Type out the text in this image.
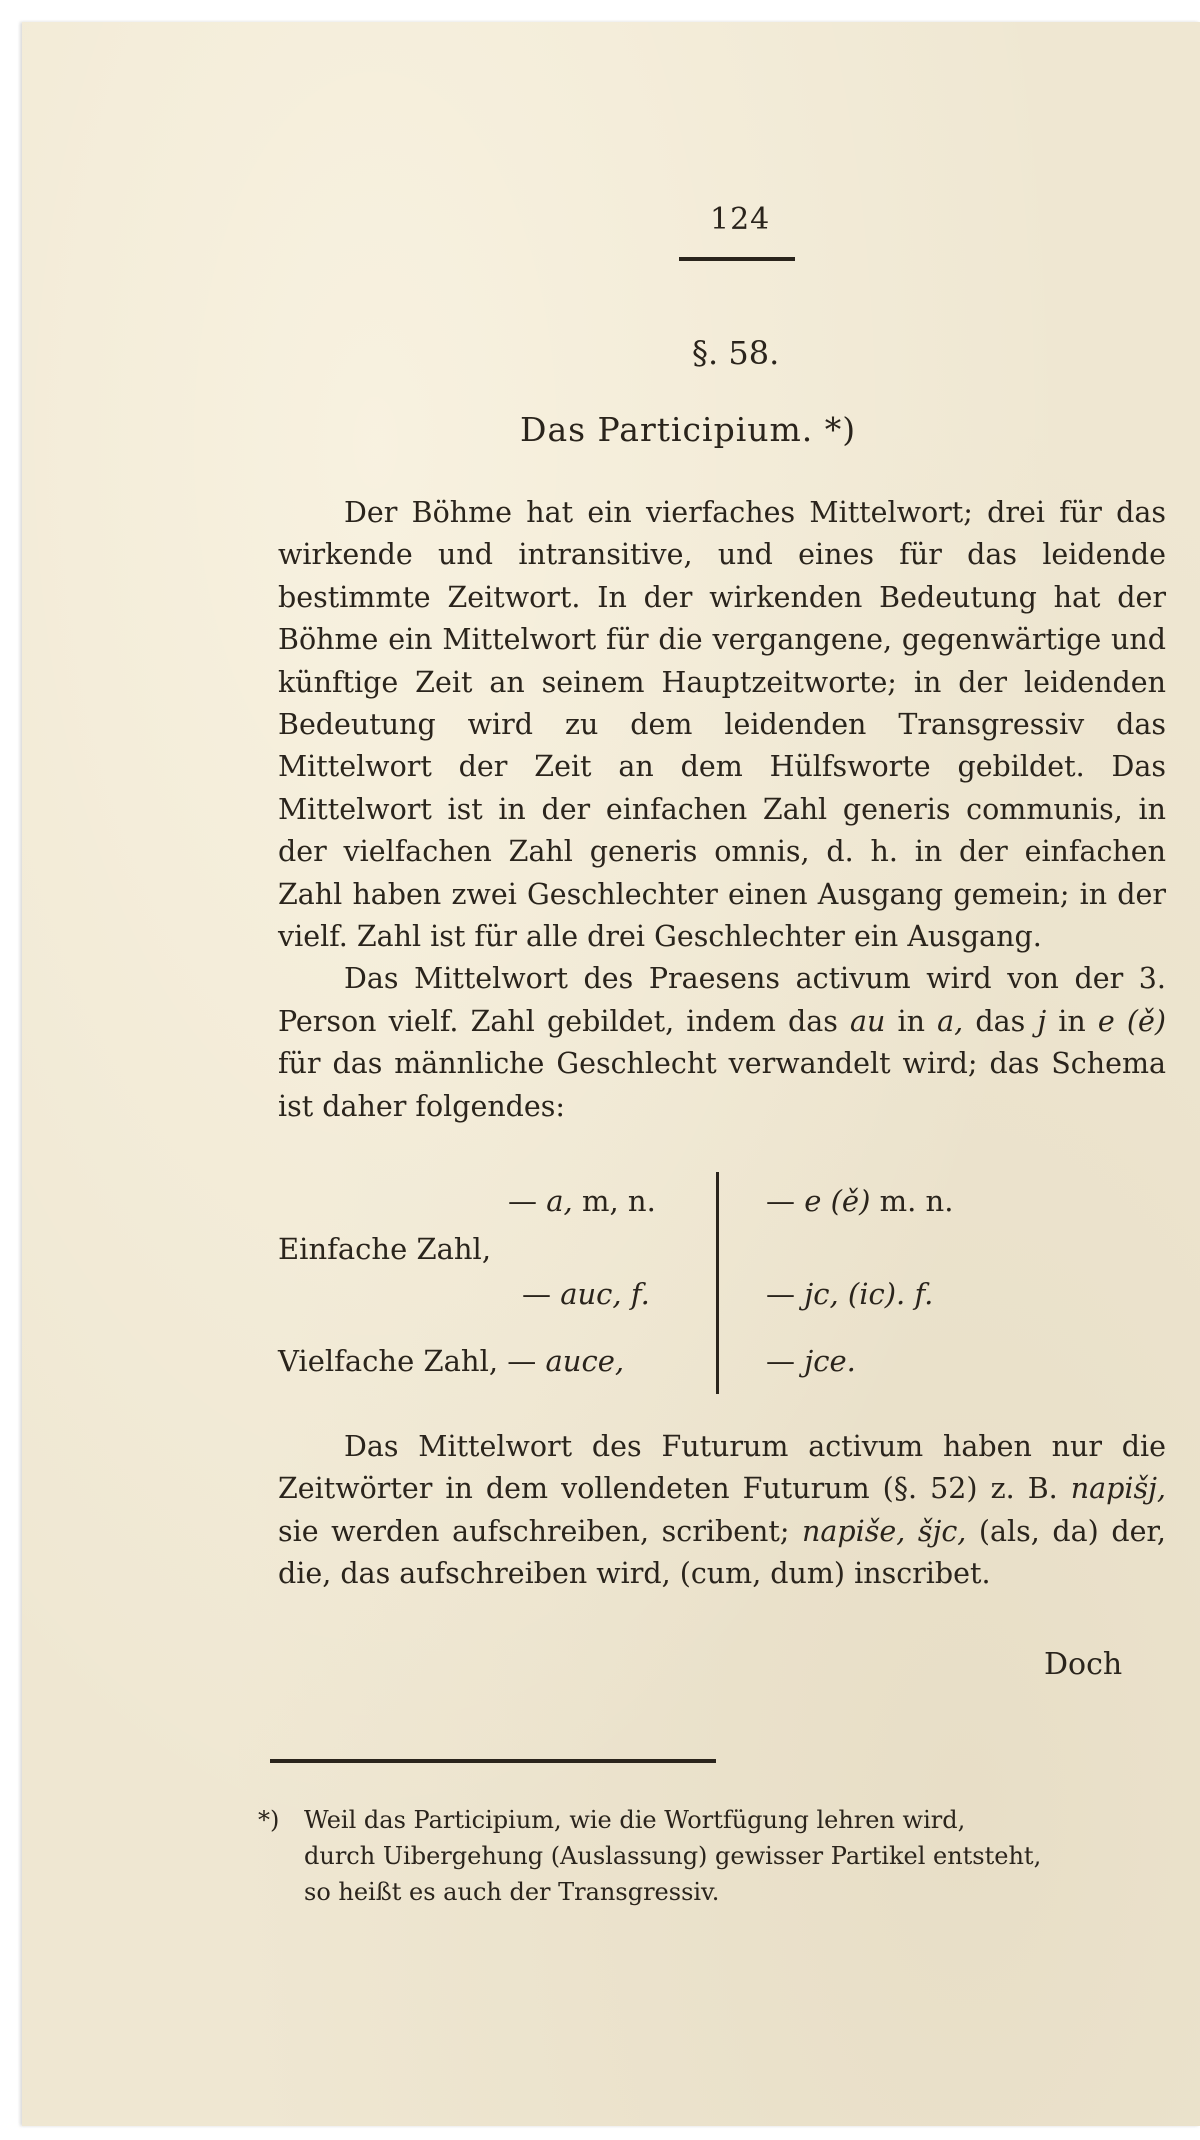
124
§. 58.
Das Participium. *)

Der Böhme hat ein vierfaches Mittelwort; drei für das wirkende und intransitive, und eines für das leidende bestimmte Zeitwort. In der wirkenden Bedeutung hat der Böhme ein Mittelwort für die vergangene, gegenwärtige und künftige Zeit an seinem Hauptzeitworte; in der leidenden Bedeutung wird zu dem leidenden Transgressiv das Mittelwort der Zeit an dem Hülfsworte gebildet. Das Mittelwort ist in der einfachen Zahl generis communis, in der vielfachen Zahl generis omnis, d. h. in der einfachen Zahl haben zwei Geschlechter einen Ausgang gemein; in der vielf. Zahl ist für alle drei Geschlechter ein Ausgang.

Das Mittelwort des Praesens activum wird von der 3. Person vielf. Zahl gebildet, indem das au in a, das j in e (ě) für das männliche Geschlecht verwandelt wird; das Schema ist daher folgendes:

— a, m, n.
Einfache Zahl,
— auc, f.
Vielfache Zahl, — auce,
— e (ě) m. n.
— jc, (ic). f.
— jce.

Das Mittelwort des Futurum activum haben nur die Zeitwörter in dem vollendeten Futurum (§. 52) z. B. napišj, sie werden aufschreiben, scribent; napiše, šjc, (als, da) der, die, das aufschreiben wird, (cum, dum) inscribet.

Doch
*) Weil das Participium, wie die Wortfügung lehren wird,
durch Uibergehung (Auslassung) gewisser Partikel entsteht,
so heißt es auch der Transgressiv.
